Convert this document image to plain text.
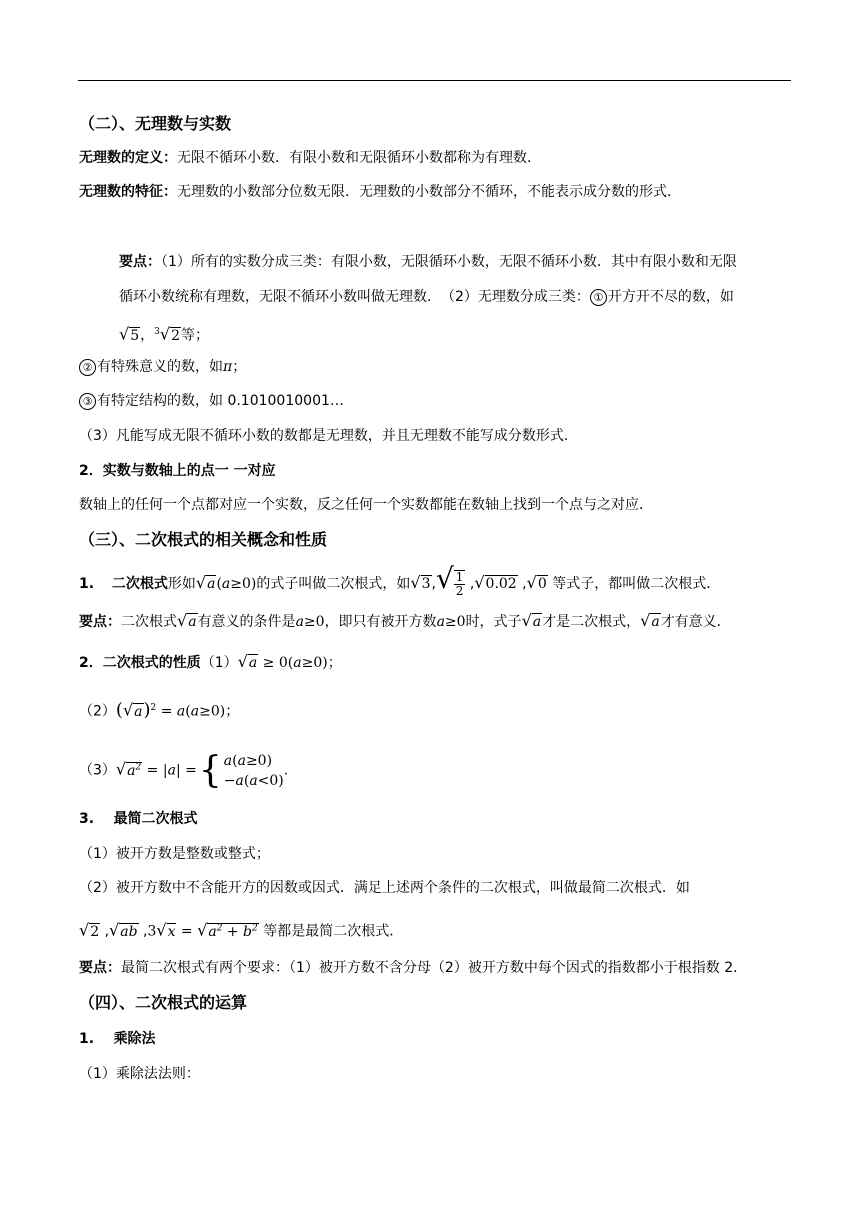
（二）、无理数与实数
无理数的定义：无限不循环小数．有限小数和无限循环小数都称为有理数．
无理数的特征：无理数的小数部分位数无限．无理数的小数部分不循环，不能表示成分数的形式．
要点：（1）所有的实数分成三类：有限小数，无限循环小数，无限不循环小数．其中有限小数和无限
循环小数统称有理数，无限不循环小数叫做无理数．　（2）无理数分成三类： ① 开方开不尽的数，如
√5，$^3$√2等；
② 有特殊意义的数，如π；
③ 有特定结构的数，如 0.1010010001…
（3）凡能写成无限不循环小数的数都是无理数，并且无理数不能写成分数形式．
2．实数与数轴上的点一 一对应
数轴上的任何一个点都对应一个实数，反之任何一个实数都能在数轴上找到一个点与之对应．
（三）、二次根式的相关概念和性质
1. 二次根式形如√a(a≥0)的式子叫做二次根式，如$√3,√ \frac{1}{2} ,√0.02$ ,√0 等式子，都叫做二次根式．
要点：二次根式√a有意义的条件是a≥0，即只有被开方数a≥0时，式子√a才是二次根式，√a才有意义．
2．二次根式的性质（1）√a ≥ 0(a≥0)；
$(2)(√a)^2 = a(a\ge 0)$；
$(3)√a^2 = |a|$ ={ a(a≥0)
−a(a<0)
.
3. 最简二次根式
（1）被开方数是整数或整式；
（2）被开方数中不含能开方的因数或因式．满足上述两个条件的二次根式，叫做最简二次根式．如
√2 ,√ab $,3√x = √a^2 + b^2$ 等都是最简二次根式．
要点：最简二次根式有两个要求：（1）被开方数不含分母（2）被开方数中每个因式的指数都小于根指数 2．
（四）、二次根式的运算
1. 乘除法
（1）乘除法法则：
